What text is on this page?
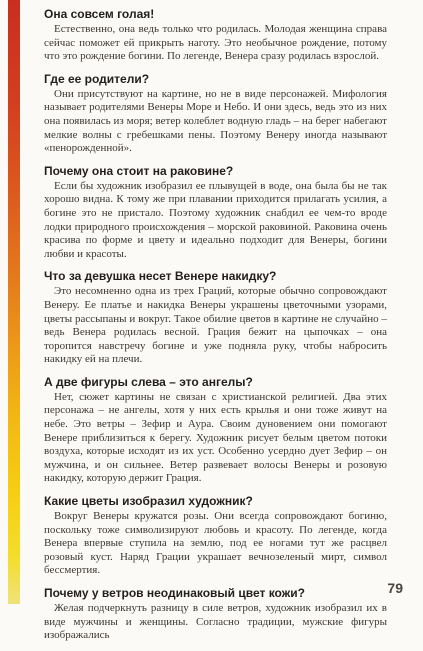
Она совсем голая!

Естественно, она ведь только что родилась. Молодая женщина справа сейчас поможет ей прикрыть наготу. Это необычное рождение, потому что это рождение богини. По легенде, Венера сразу родилась взрослой.

Где ее родители?

Они присутствуют на картине, но не в виде персонажей. Мифология называет родителями Венеры Море и Небо. И они здесь, ведь это из них она появилась из моря; ветер колеблет водную гладь – на берег набегают мелкие волны с гребешками пены. Поэтому Венеру иногда называют «пенорожденной».

Почему она стоит на раковине?

Если бы художник изобразил ее плывущей в воде, она была бы не так хорошо видна. К тому же при плавании приходится прилагать усилия, а богине это не пристало. Поэтому художник снабдил ее чем-то вроде лодки природного происхождения – морской раковиной. Раковина очень красива по форме и цвету и идеально подходит для Венеры, богини любви и красоты.

Что за девушка несет Венере накидку?

Это несомненно одна из трех Граций, которые обычно сопровождают Венеру. Ее платье и накидка Венеры украшены цветочными узорами, цветы рассыпаны и вокруг. Такое обилие цветов в картине не случайно – ведь Венера родилась весной. Грация бежит на цыпочках – она торопится навстречу богине и уже подняла руку, чтобы набросить накидку ей на плечи.

А две фигуры слева – это ангелы?

Нет, сюжет картины не связан с христианской религией. Два этих персонажа – не ангелы, хотя у них есть крылья и они тоже живут на небе. Это ветры – Зефир и Аура. Своим дуновением они помогают Венере приблизиться к берегу. Художник рисует белым цветом потоки воздуха, которые исходят из их уст. Особенно усердно дует Зефир – он мужчина, и он сильнее. Ветер развевает волосы Венеры и розовую накидку, которую держит Грация.

Какие цветы изобразил художник?

Вокруг Венеры кружатся розы. Они всегда сопровождают богиню, поскольку тоже символизируют любовь и красоту. По легенде, когда Венера впервые ступила на землю, под ее ногами тут же расцвел розовый куст. Наряд Грации украшает вечнозеленый мирт, символ бессмертия.

Почему у ветров неодинаковый цвет кожи?

Желая подчеркнуть разницу в силе ветров, художник изобразил их в виде мужчины и женщины. Согласно традиции, мужские фигуры изображались

79
